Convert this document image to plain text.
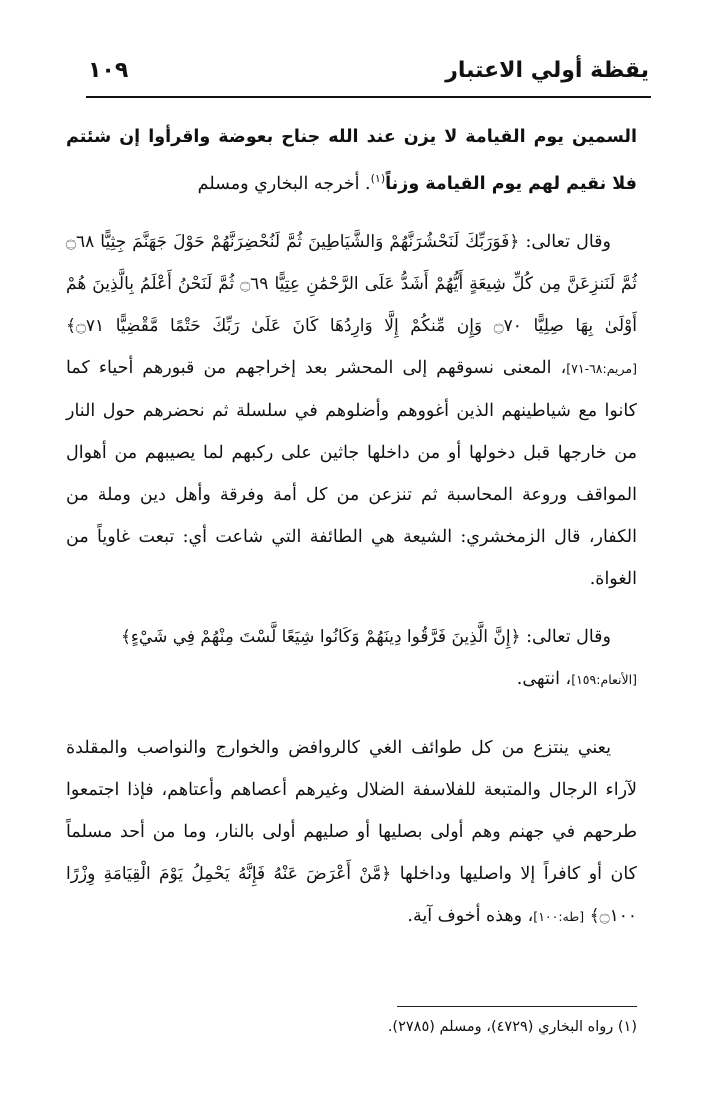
يقظة أولي الاعتبار
١٠٩

السمين يوم القيامة لا يزن عند الله جناح بعوضة واقرأوا إن شئتم فلا نقيم لهم يوم القيامة وزناً$^{(١)}$. أخرجه البخاري ومسلم

وقال تعالى: ﴿فَوَرَبِّكَ لَنَحْشُرَنَّهُمْ وَالشَّيَاطِينَ ثُمَّ لَنُحْضِرَنَّهُمْ حَوْلَ جَهَنَّمَ جِثِيًّا ۝٦٨ ثُمَّ لَنَنزِعَنَّ مِن كُلِّ شِيعَةٍ أَيُّهُمْ أَشَدُّ عَلَى الرَّحْمَٰنِ عِتِيًّا ۝٦٩ ثُمَّ لَنَحْنُ أَعْلَمُ بِالَّذِينَ هُمْ أَوْلَىٰ بِهَا صِلِيًّا ۝٧٠ وَإِن مِّنكُمْ إِلَّا وَارِدُهَا كَانَ عَلَىٰ رَبِّكَ حَتْمًا مَّقْضِيًّا ۝٧١﴾ [مريم:٦٨-٧١]، المعنى نسوقهم إلى المحشر بعد إخراجهم من قبورهم أحياء كما كانوا مع شياطينهم الذين أغووهم وأضلوهم في سلسلة ثم نحضرهم حول النار من خارجها قبل دخولها أو من داخلها جاثين على ركبهم لما يصيبهم من أهوال المواقف وروعة المحاسبة ثم تنزعن من كل أمة وفرقة وأهل دين وملة من الكفار، قال الزمخشري: الشيعة هي الطائفة التي شاعت أي: تبعت غاوياً من الغواة.

وقال تعالى: ﴿إِنَّ الَّذِينَ فَرَّقُوا دِينَهُمْ وَكَانُوا شِيَعًا لَّسْتَ مِنْهُمْ فِي شَيْءٍ﴾
[الأنعام:١٥٩]، انتهى.

يعني ينتزع من كل طوائف الغي كالروافض والخوارج والنواصب والمقلدة لآراء الرجال والمتبعة للفلاسفة الضلال وغيرهم أعصاهم وأعتاهم، فإذا اجتمعوا طرحهم في جهنم وهم أولى بصليها أو صليهم أولى بالنار، وما من أحد مسلماً كان أو كافراً إلا واصليها وداخلها ﴿مَّنْ أَعْرَضَ عَنْهُ فَإِنَّهُ يَحْمِلُ يَوْمَ الْقِيَامَةِ وِزْرًا ۝١٠٠﴾ [طه:١٠٠]، وهذه أخوف آية.

(١) رواه البخاري (٤٧٢٩)، ومسلم (٢٧٨٥).
